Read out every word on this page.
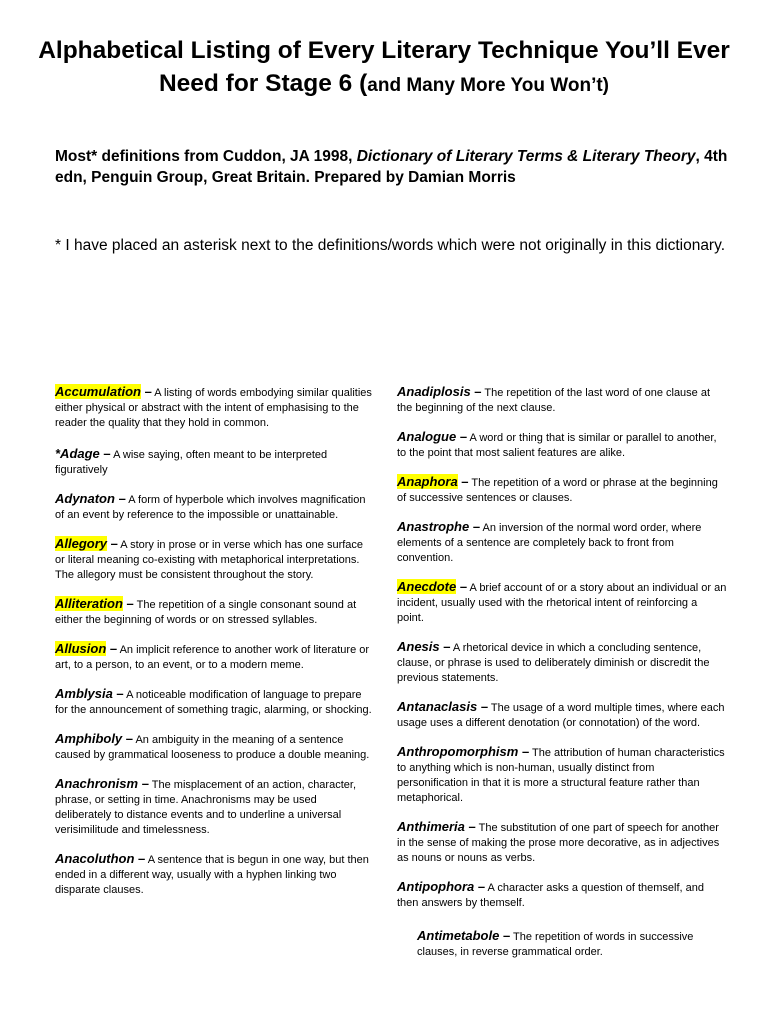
Alphabetical Listing of Every Literary Technique You’ll Ever Need for Stage 6 (and Many More You Won’t)

Most* definitions from Cuddon, JA 1998, Dictionary of Literary Terms & Literary Theory, 4th edn, Penguin Group, Great Britain. Prepared by Damian Morris

* I have placed an asterisk next to the definitions/words which were not originally in this dictionary.

Accumulation – A listing of words embodying similar qualities either physical or abstract with the intent of emphasising to the reader the quality that they hold in common.

*Adage – A wise saying, often meant to be interpreted figuratively

Adynaton – A form of hyperbole which involves magnification of an event by reference to the impossible or unattainable.

Allegory – A story in prose or in verse which has one surface or literal meaning co-existing with metaphorical interpretations. The allegory must be consistent throughout the story.

Alliteration – The repetition of a single consonant sound at either the beginning of words or on stressed syllables.

Allusion – An implicit reference to another work of literature or art, to a person, to an event, or to a modern meme.

Amblysia – A noticeable modification of language to prepare for the announcement of something tragic, alarming, or shocking.

Amphiboly – An ambiguity in the meaning of a sentence caused by grammatical looseness to produce a double meaning.

Anachronism – The misplacement of an action, character, phrase, or setting in time. Anachronisms may be used deliberately to distance events and to underline a universal verisimilitude and timelessness.

Anacoluthon – A sentence that is begun in one way, but then ended in a different way, usually with a hyphen linking two disparate clauses.

Anadiplosis – The repetition of the last word of one clause at the beginning of the next clause.

Analogue – A word or thing that is similar or parallel to another, to the point that most salient features are alike.

Anaphora – The repetition of a word or phrase at the beginning of successive sentences or clauses.

Anastrophe – An inversion of the normal word order, where elements of a sentence are completely back to front from convention.

Anecdote – A brief account of or a story about an individual or an incident, usually used with the rhetorical intent of reinforcing a point.

Anesis – A rhetorical device in which a concluding sentence, clause, or phrase is used to deliberately diminish or discredit the previous statements.

Antanaclasis – The usage of a word multiple times, where each usage uses a different denotation (or connotation) of the word.

Anthropomorphism – The attribution of human characteristics to anything which is non-human, usually distinct from personification in that it is more a structural feature rather than metaphorical.

Anthimeria – The substitution of one part of speech for another in the sense of making the prose more decorative, as in adjectives as nouns or nouns as verbs.

Antipophora – A character asks a question of themself, and then answers by themself.

Antimetabole – The repetition of words in successive clauses, in reverse grammatical order.
